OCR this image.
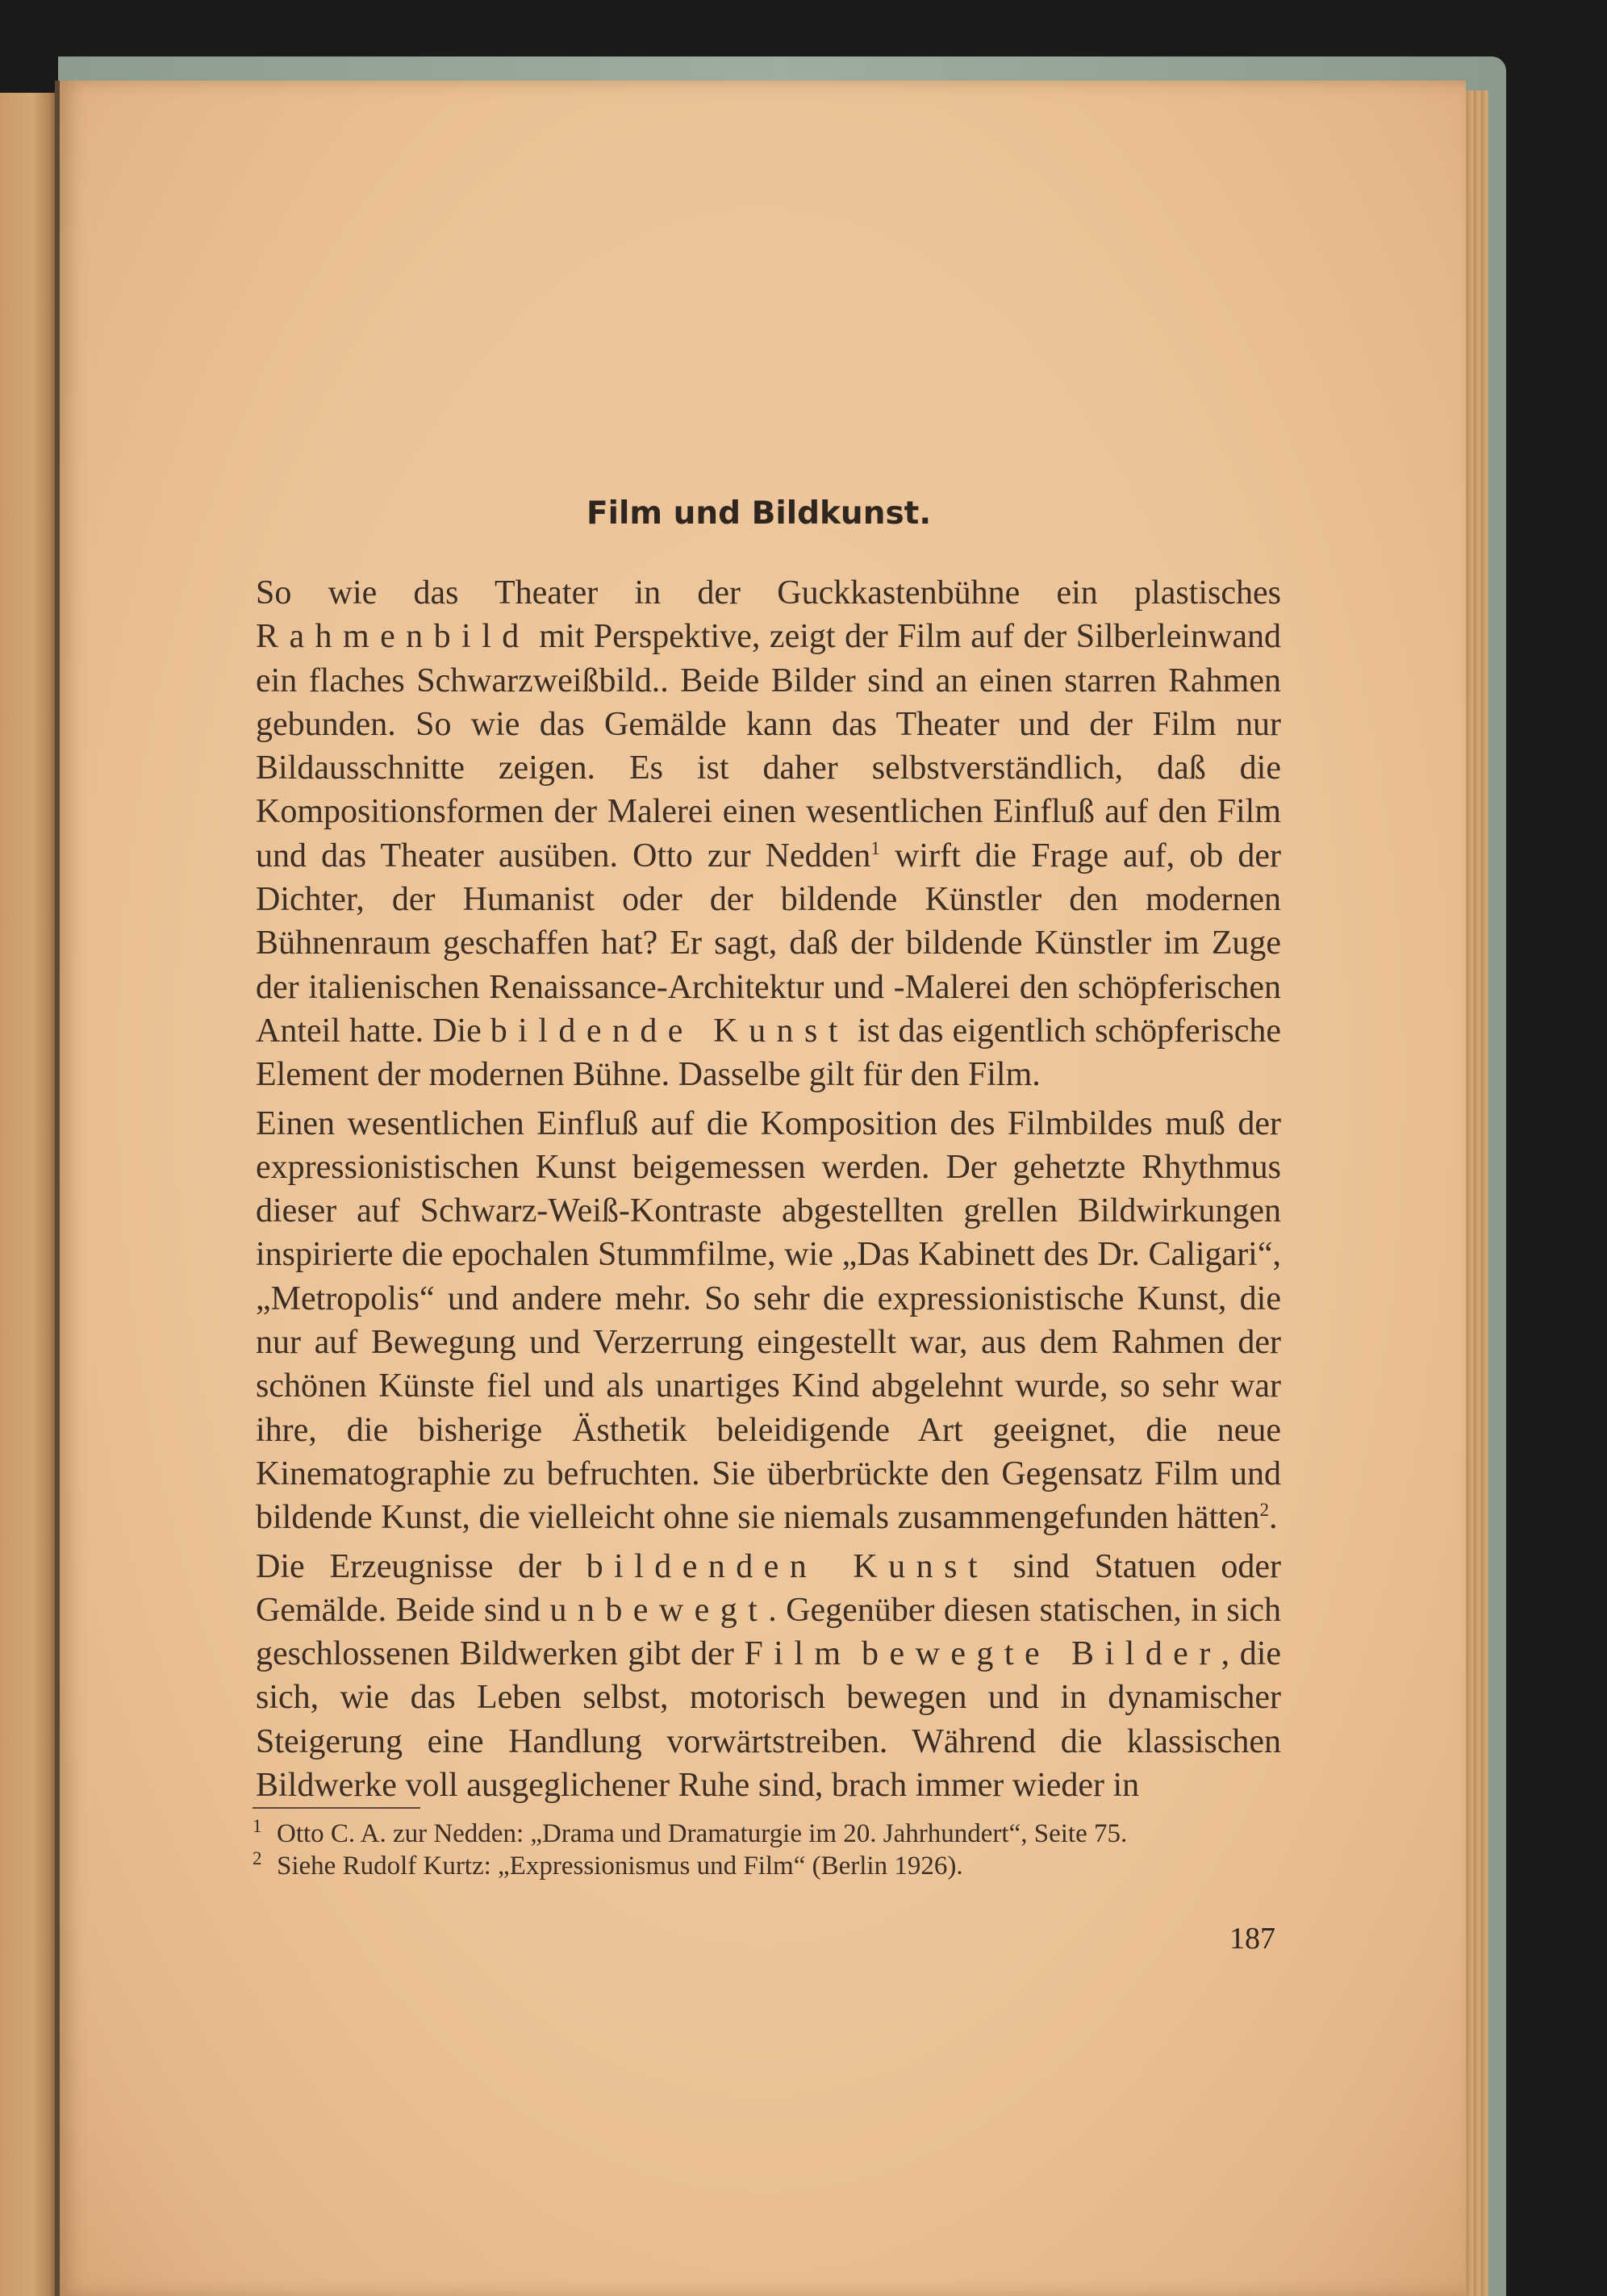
Film und Bildkunst.

So wie das Theater in der Guckkastenbühne ein plastisches Rahmenbild mit Perspektive, zeigt der Film auf der Silberleinwand ein flaches Schwarzweißbild.. Beide Bilder sind an einen starren Rahmen gebunden. So wie das Gemälde kann das Theater und der Film nur Bildausschnitte zeigen. Es ist daher selbstverständlich, daß die Kompositionsformen der Malerei einen wesentlichen Einfluß auf den Film und das Theater ausüben. Otto zur Nedden$^1$ wirft die Frage auf, ob der Dichter, der Humanist oder der bildende Künstler den modernen Bühnenraum geschaffen hat? Er sagt, daß der bildende Künstler im Zuge der italienischen Renaissance-Architektur und -Malerei den schöpferischen Anteil hatte. Die bildende Kunst ist das eigentlich schöpferische Element der modernen Bühne. Dasselbe gilt für den Film.

Einen wesentlichen Einfluß auf die Komposition des Filmbildes muß der expressionistischen Kunst beigemessen werden. Der gehetzte Rhythmus dieser auf Schwarz-Weiß-Kontraste abgestellten grellen Bildwirkungen inspirierte die epochalen Stummfilme, wie „Das Kabinett des Dr. Caligari“, „Metropolis“ und andere mehr. So sehr die expressionistische Kunst, die nur auf Bewegung und Verzerrung eingestellt war, aus dem Rahmen der schönen Künste fiel und als unartiges Kind abgelehnt wurde, so sehr war ihre, die bisherige Ästhetik beleidigende Art geeignet, die neue Kinematographie zu befruchten. Sie überbrückte den Gegensatz Film und bildende Kunst, die vielleicht ohne sie niemals zusammengefunden hätten$^2$.

Die Erzeugnisse der bildenden Kunst sind Statuen oder Gemälde. Beide sind unbewegt. Gegenüber diesen statischen, in sich geschlossenen Bildwerken gibt der Film bewegte Bilder, die sich, wie das Leben selbst, motorisch bewegen und in dynamischer Steigerung eine Handlung vorwärtstreiben. Während die klassischen Bildwerke voll ausgeglichener Ruhe sind, brach immer wieder in

1 Otto C. A. zur Nedden: „Drama und Dramaturgie im 20. Jahrhundert“, Seite 75.
2 Siehe Rudolf Kurtz: „Expressionismus und Film“ (Berlin 1926).
187
